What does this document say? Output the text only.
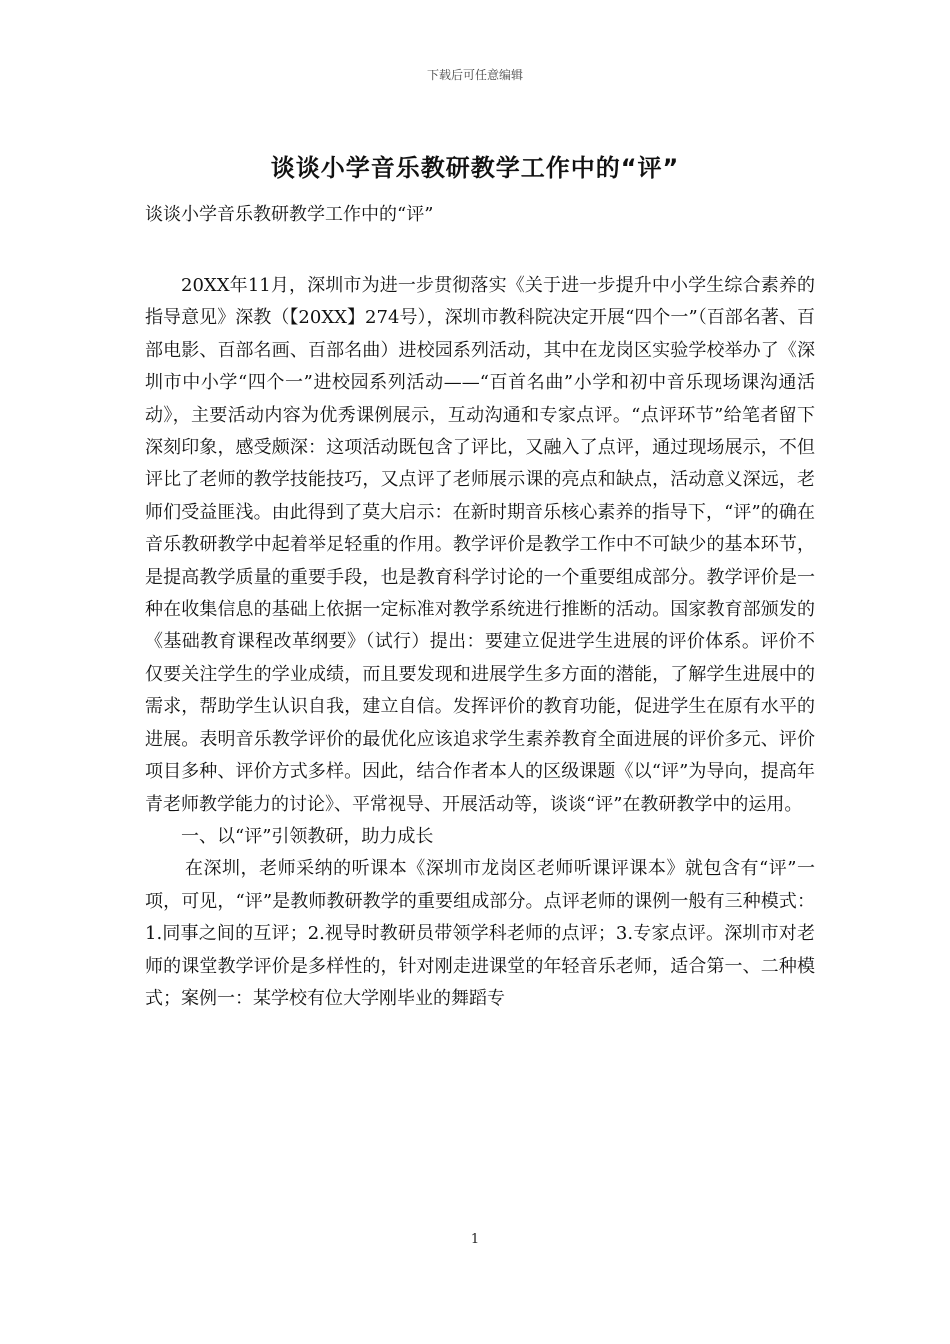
下载后可任意编辑
谈谈小学音乐教研教学工作中的“评”
谈谈小学音乐教研教学工作中的“评”

20XX年11月，深圳市为进一步贯彻落实《关于进一步提升中小学生综合素养的指导意见》深教（【20XX】274号），深圳市教科院决定开展“四个一”（百部名著、百部电影、百部名画、百部名曲）进校园系列活动，其中在龙岗区实验学校举办了《深圳市中小学“四个一”进校园系列活动——“百首名曲”小学和初中音乐现场课沟通活动》，主要活动内容为优秀课例展示，互动沟通和专家点评。“点评环节”给笔者留下深刻印象，感受颇深：这项活动既包含了评比，又融入了点评，通过现场展示，不但评比了老师的教学技能技巧，又点评了老师展示课的亮点和缺点，活动意义深远，老师们受益匪浅。由此得到了莫大启示：在新时期音乐核心素养的指导下，“评”的确在音乐教研教学中起着举足轻重的作用。教学评价是教学工作中不可缺少的基本环节，是提高教学质量的重要手段，也是教育科学讨论的一个重要组成部分。教学评价是一种在收集信息的基础上依据一定标准对教学系统进行推断的活动。国家教育部颁发的《基础教育课程改革纲要》（试行）提出：要建立促进学生进展的评价体系。评价不仅要关注学生的学业成绩，而且要发现和进展学生多方面的潜能，了解学生进展中的需求，帮助学生认识自我，建立自信。发挥评价的教育功能，促进学生在原有水平的进展。表明音乐教学评价的最优化应该追求学生素养教育全面进展的评价多元、评价项目多种、评价方式多样。因此，结合作者本人的区级课题《以“评”为导向，提高年青老师教学能力的讨论》、平常视导、开展活动等，谈谈“评”在教研教学中的运用。

一、以“评”引领教研，助力成长

在深圳，老师采纳的听课本《深圳市龙岗区老师听课评课本》就包含有“评”一项，可见，“评”是教师教研教学的重要组成部分。点评老师的课例一般有三种模式：1.同事之间的互评；2.视导时教研员带领学科老师的点评；3.专家点评。深圳市对老师的课堂教学评价是多样性的，针对刚走进课堂的年轻音乐老师，适合第一、二种模式；案例一：某学校有位大学刚毕业的舞蹈专

1
